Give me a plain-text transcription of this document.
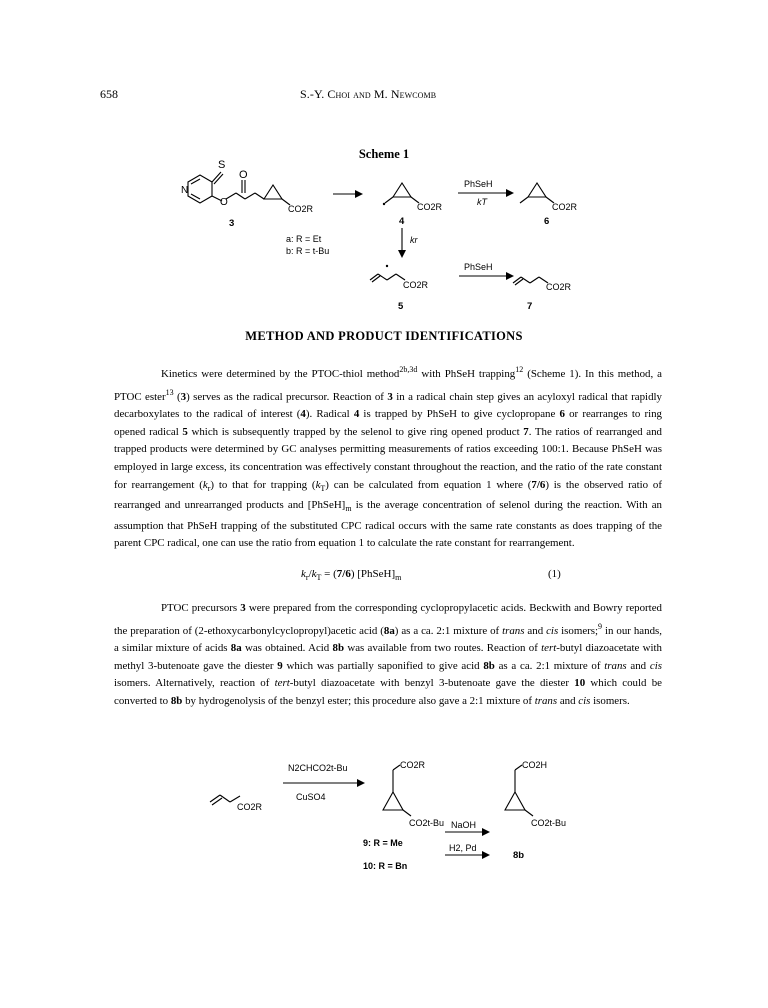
658	S.-Y. Choi and M. Newcomb
Scheme 1
S
O
O
N
CO2R	CO2R	CO2R
CO2R	CO2R
PhSeH
kT
PhSeH
kr
3	4	6
5	7
a: R = Et
b: R = t-Bu
CO2R
N2CHCO2t-Bu
CuSO4
CO2R
CO2t-Bu
9: R = Me
10: R = Bn
NaOH
H2, Pd
CO2H
CO2t-Bu
8b
METHOD AND PRODUCT IDENTIFICATIONS

Kinetics were determined by the PTOC-thiol method$^{2b,3d}$ with PhSeH trapping$^{12}$ (Scheme 1). In this method, a PTOC ester$^{13}$ (3) serves as the radical precursor. Reaction of 3 in a radical chain step gives an acyloxyl radical that rapidly decarboxylates to the radical of interest (4). Radical 4 is trapped by PhSeH to give cyclopropane 6 or rearranges to ring opened radical 5 which is subsequently trapped by the selenol to give ring opened product 7. The ratios of rearranged and trapped products were determined by GC analyses permitting measurements of ratios exceeding 100:1. Because PhSeH was employed in large excess, its concentration was effectively constant throughout the reaction, and the ratio of the rate constant for rearrangement $(k_r)$ to that for trapping $(k_T)$ can be calculated from equation 1 where (7/6) is the observed ratio of rearranged and unrearranged products and $[PhSeH]_m$ is the average concentration of selenol during the reaction. With an assumption that PhSeH trapping of the substituted CPC radical occurs with the same rate constants as does trapping of the parent CPC radical, one can use the ratio from equation 1 to calculate the rate constant for rearrangement.

$k_r/k_T = (7/6)$ $[PhSeH]_m$	(1)

PTOC precursors 3 were prepared from the corresponding cyclopropylacetic acids. Beckwith and Bowry reported the preparation of (2-ethoxycarbonylcyclopropyl)acetic acid (8a) as a ca. 2:1 mixture of trans and cis isomers;$^9$ in our hands, a similar mixture of acids 8a was obtained. Acid 8b was available from two routes. Reaction of tert-butyl diazoacetate with methyl 3-butenoate gave the diester 9 which was partially saponified to give acid 8b as a ca. 2:1 mixture of trans and cis isomers. Alternatively, reaction of tert-butyl diazoacetate with benzyl 3-butenoate gave the diester 10 which could be converted to 8b by hydrogenolysis of the benzyl ester; this procedure also gave a 2:1 mixture of trans and cis isomers.
